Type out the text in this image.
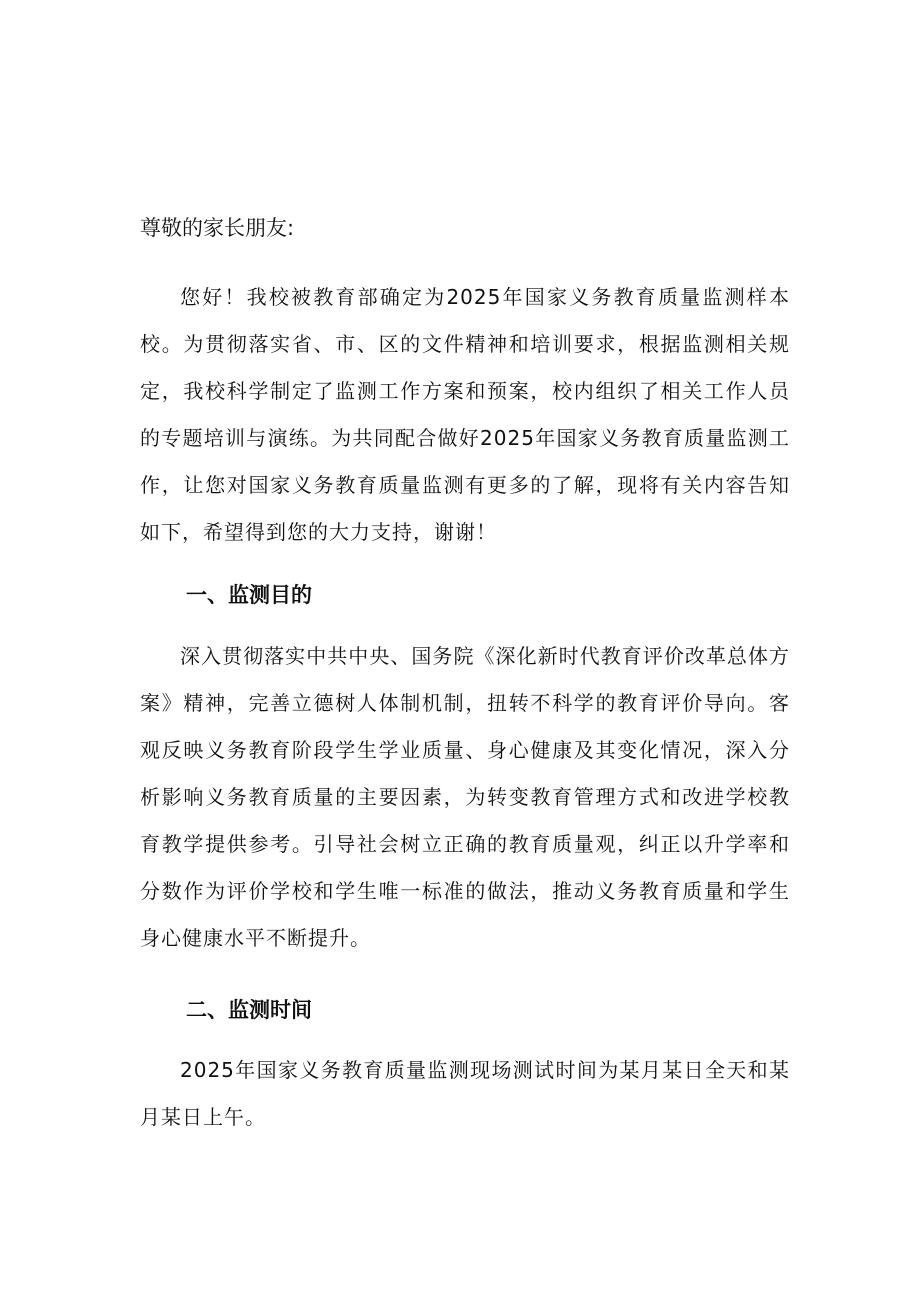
尊敬的家长朋友:

您好！我校被教育部确定为2025年国家义务教育质量监测样本校。为贯彻落实省、市、区的文件精神和培训要求，根据监测相关规定，我校科学制定了监测工作方案和预案，校内组织了相关工作人员的专题培训与演练。为共同配合做好2025年国家义务教育质量监测工作，让您对国家义务教育质量监测有更多的了解，现将有关内容告知如下，希望得到您的大力支持，谢谢！

一、监测目的

深入贯彻落实中共中央、国务院《深化新时代教育评价改革总体方案》精神，完善立德树人体制机制，扭转不科学的教育评价导向。客观反映义务教育阶段学生学业质量、身心健康及其变化情况，深入分析影响义务教育质量的主要因素，为转变教育管理方式和改进学校教育教学提供参考。引导社会树立正确的教育质量观，纠正以升学率和分数作为评价学校和学生唯一标准的做法，推动义务教育质量和学生身心健康水平不断提升。

二、监测时间

2025年国家义务教育质量监测现场测试时间为某月某日全天和某月某日上午。
